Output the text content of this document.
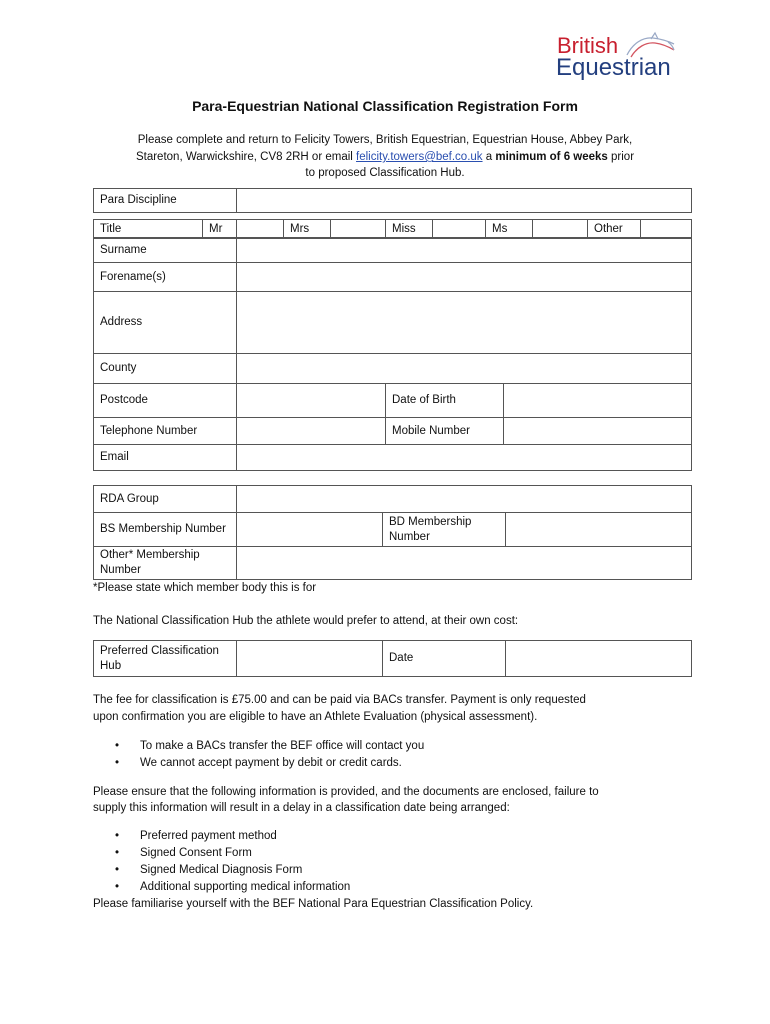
British
Equestrian
Para-Equestrian National Classification Registration Form
Please complete and return to Felicity Towers, British Equestrian, Equestrian House, Abbey Park,
Stareton, Warwickshire, CV8 2RH or email felicity.towers@bef.co.uk a minimum of 6 weeks prior
to proposed Classification Hub.
Para Discipline	
Title	Mr		Mrs		Miss		Ms		Other	
Surname			
Forename(s)			
Address			
County			
Postcode		Date of Birth	
Telephone Number		Mobile Number	
Email			
RDA Group			
BS Membership Number		BD Membership Number	
Other* Membership Number			
*Please state which member body this is for
The National Classification Hub the athlete would prefer to attend, at their own cost:
Preferred Classification Hub		Date	
The fee for classification is £75.00 and can be paid via BACs transfer. Payment is only requested
upon confirmation you are eligible to have an Athlete Evaluation (physical assessment).
• To make a BACs transfer the BEF office will contact you
• We cannot accept payment by debit or credit cards.
Please ensure that the following information is provided, and the documents are enclosed, failure to
supply this information will result in a delay in a classification date being arranged:
• Preferred payment method
• Signed Consent Form
• Signed Medical Diagnosis Form
• Additional supporting medical information
Please familiarise yourself with the BEF National Para Equestrian Classification Policy.
